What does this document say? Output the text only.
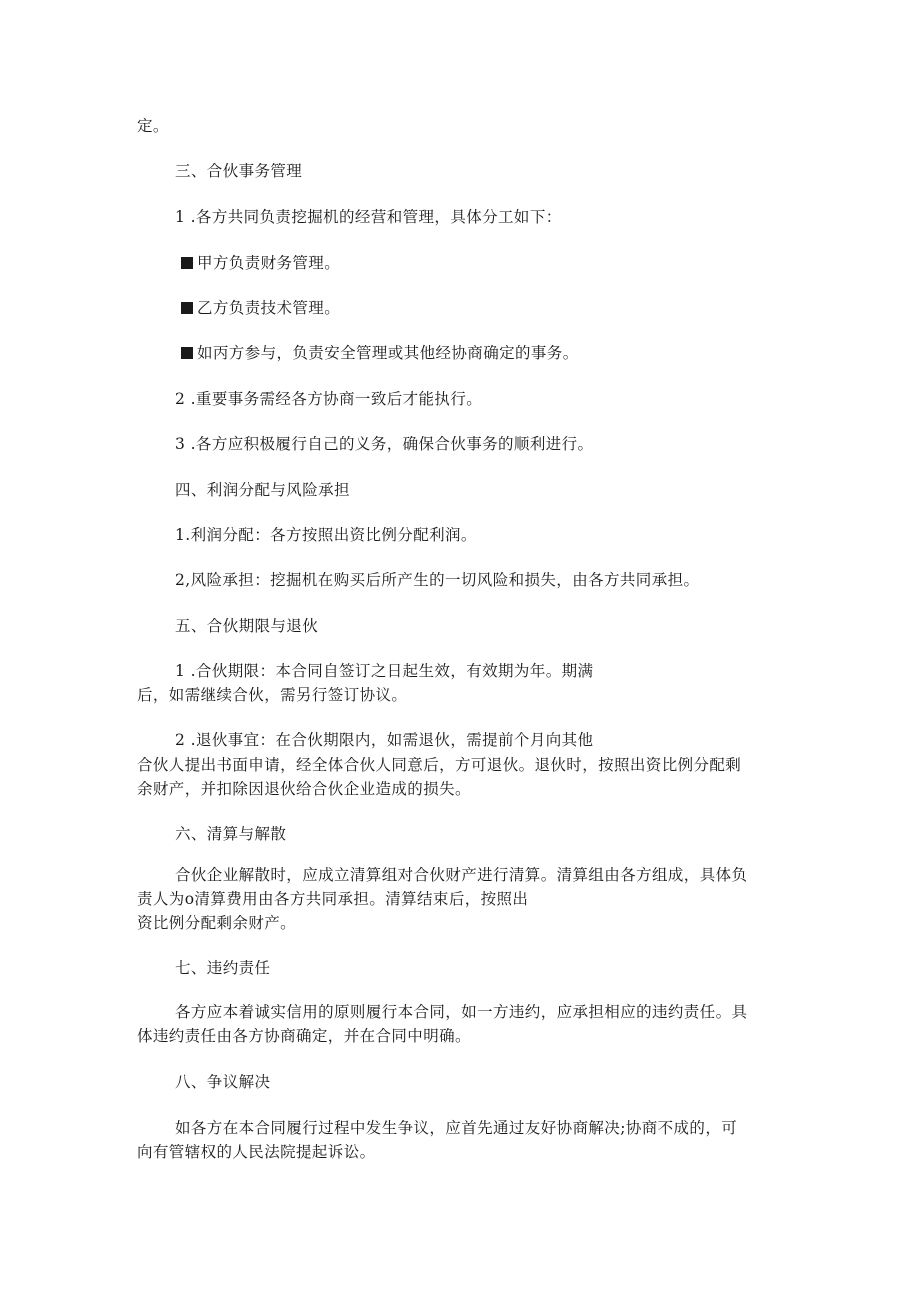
定。
三、合伙事务管理
1 .各方共同负责挖掘机的经营和管理，具体分工如下：
甲方负责财务管理。
乙方负责技术管理。
如丙方参与，负责安全管理或其他经协商确定的事务。
2 .重要事务需经各方协商一致后才能执行。
3 .各方应积极履行自己的义务，确保合伙事务的顺利进行。
四、利润分配与风险承担
1.利润分配：各方按照出资比例分配利润。
2,风险承担：挖掘机在购买后所产生的一切风险和损失，由各方共同承担。
五、合伙期限与退伙
1 .合伙期限：本合同自签订之日起生效，有效期为年。期满
后，如需继续合伙，需另行签订协议。
2 .退伙事宜：在合伙期限内，如需退伙，需提前个月向其他
合伙人提出书面申请，经全体合伙人同意后，方可退伙。退伙时，按照出资比例分配剩
余财产，并扣除因退伙给合伙企业造成的损失。
六、清算与解散
合伙企业解散时，应成立清算组对合伙财产进行清算。清算组由各方组成，具体负
责人为o清算费用由各方共同承担。清算结束后，按照出
资比例分配剩余财产。
七、违约责任
各方应本着诚实信用的原则履行本合同，如一方违约，应承担相应的违约责任。具
体违约责任由各方协商确定，并在合同中明确。
八、争议解决
如各方在本合同履行过程中发生争议，应首先通过友好协商解决;协商不成的，可
向有管辖权的人民法院提起诉讼。
